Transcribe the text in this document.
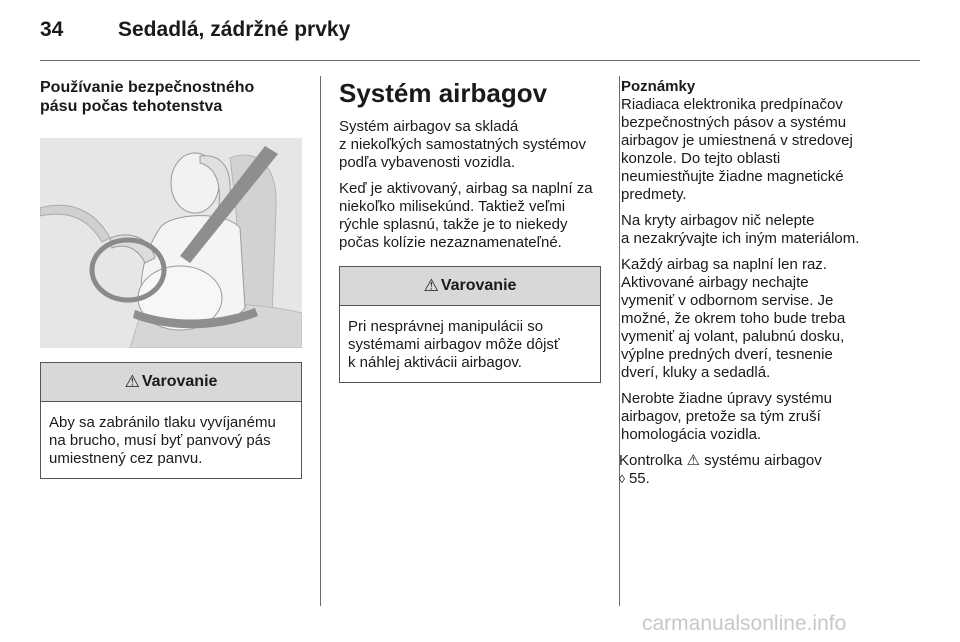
34	Sedadlá, zádržné prvky

Používanie bezpečnostného
pásu počas tehotenstva

⚠ Varovanie
Aby sa zabránilo tlaku vyvíjanému
na brucho, musí byť panvový pás
umiestnený cez panvu.
Systém airbagov

Systém airbagov sa skladá
z niekoľkých samostatných systémov
podľa vybavenosti vozidla.

Keď je aktivovaný, airbag sa naplní za
niekoľko milisekúnd. Taktiež veľmi
rýchle splasnú, takže je to niekedy
počas kolízie nezaznamenateľné.

⚠ Varovanie
Pri nesprávnej manipulácii so
systémami airbagov môže dôjsť
k náhlej aktivácii airbagov.

Poznámky

Riadiaca elektronika predpínačov
bezpečnostných pásov a systému
airbagov je umiestnená v stredovej
konzole. Do tejto oblasti
neumiestňujte žiadne magnetické
predmety.

Na kryty airbagov nič nelepte
a nezakrývajte ich iným materiálom.

Každý airbag sa naplní len raz.
Aktivované airbagy nechajte
vymeniť v odbornom servise. Je
možné, že okrem toho bude treba
vymeniť aj volant, palubnú dosku,
výplne predných dverí, tesnenie
dverí, kluky a sedadlá.

Nerobte žiadne úpravy systému
airbagov, pretože sa tým zruší
homologácia vozidla.

Kontrolka ⚠ systému airbagov
◊ 55.

carmanualsonline.info
